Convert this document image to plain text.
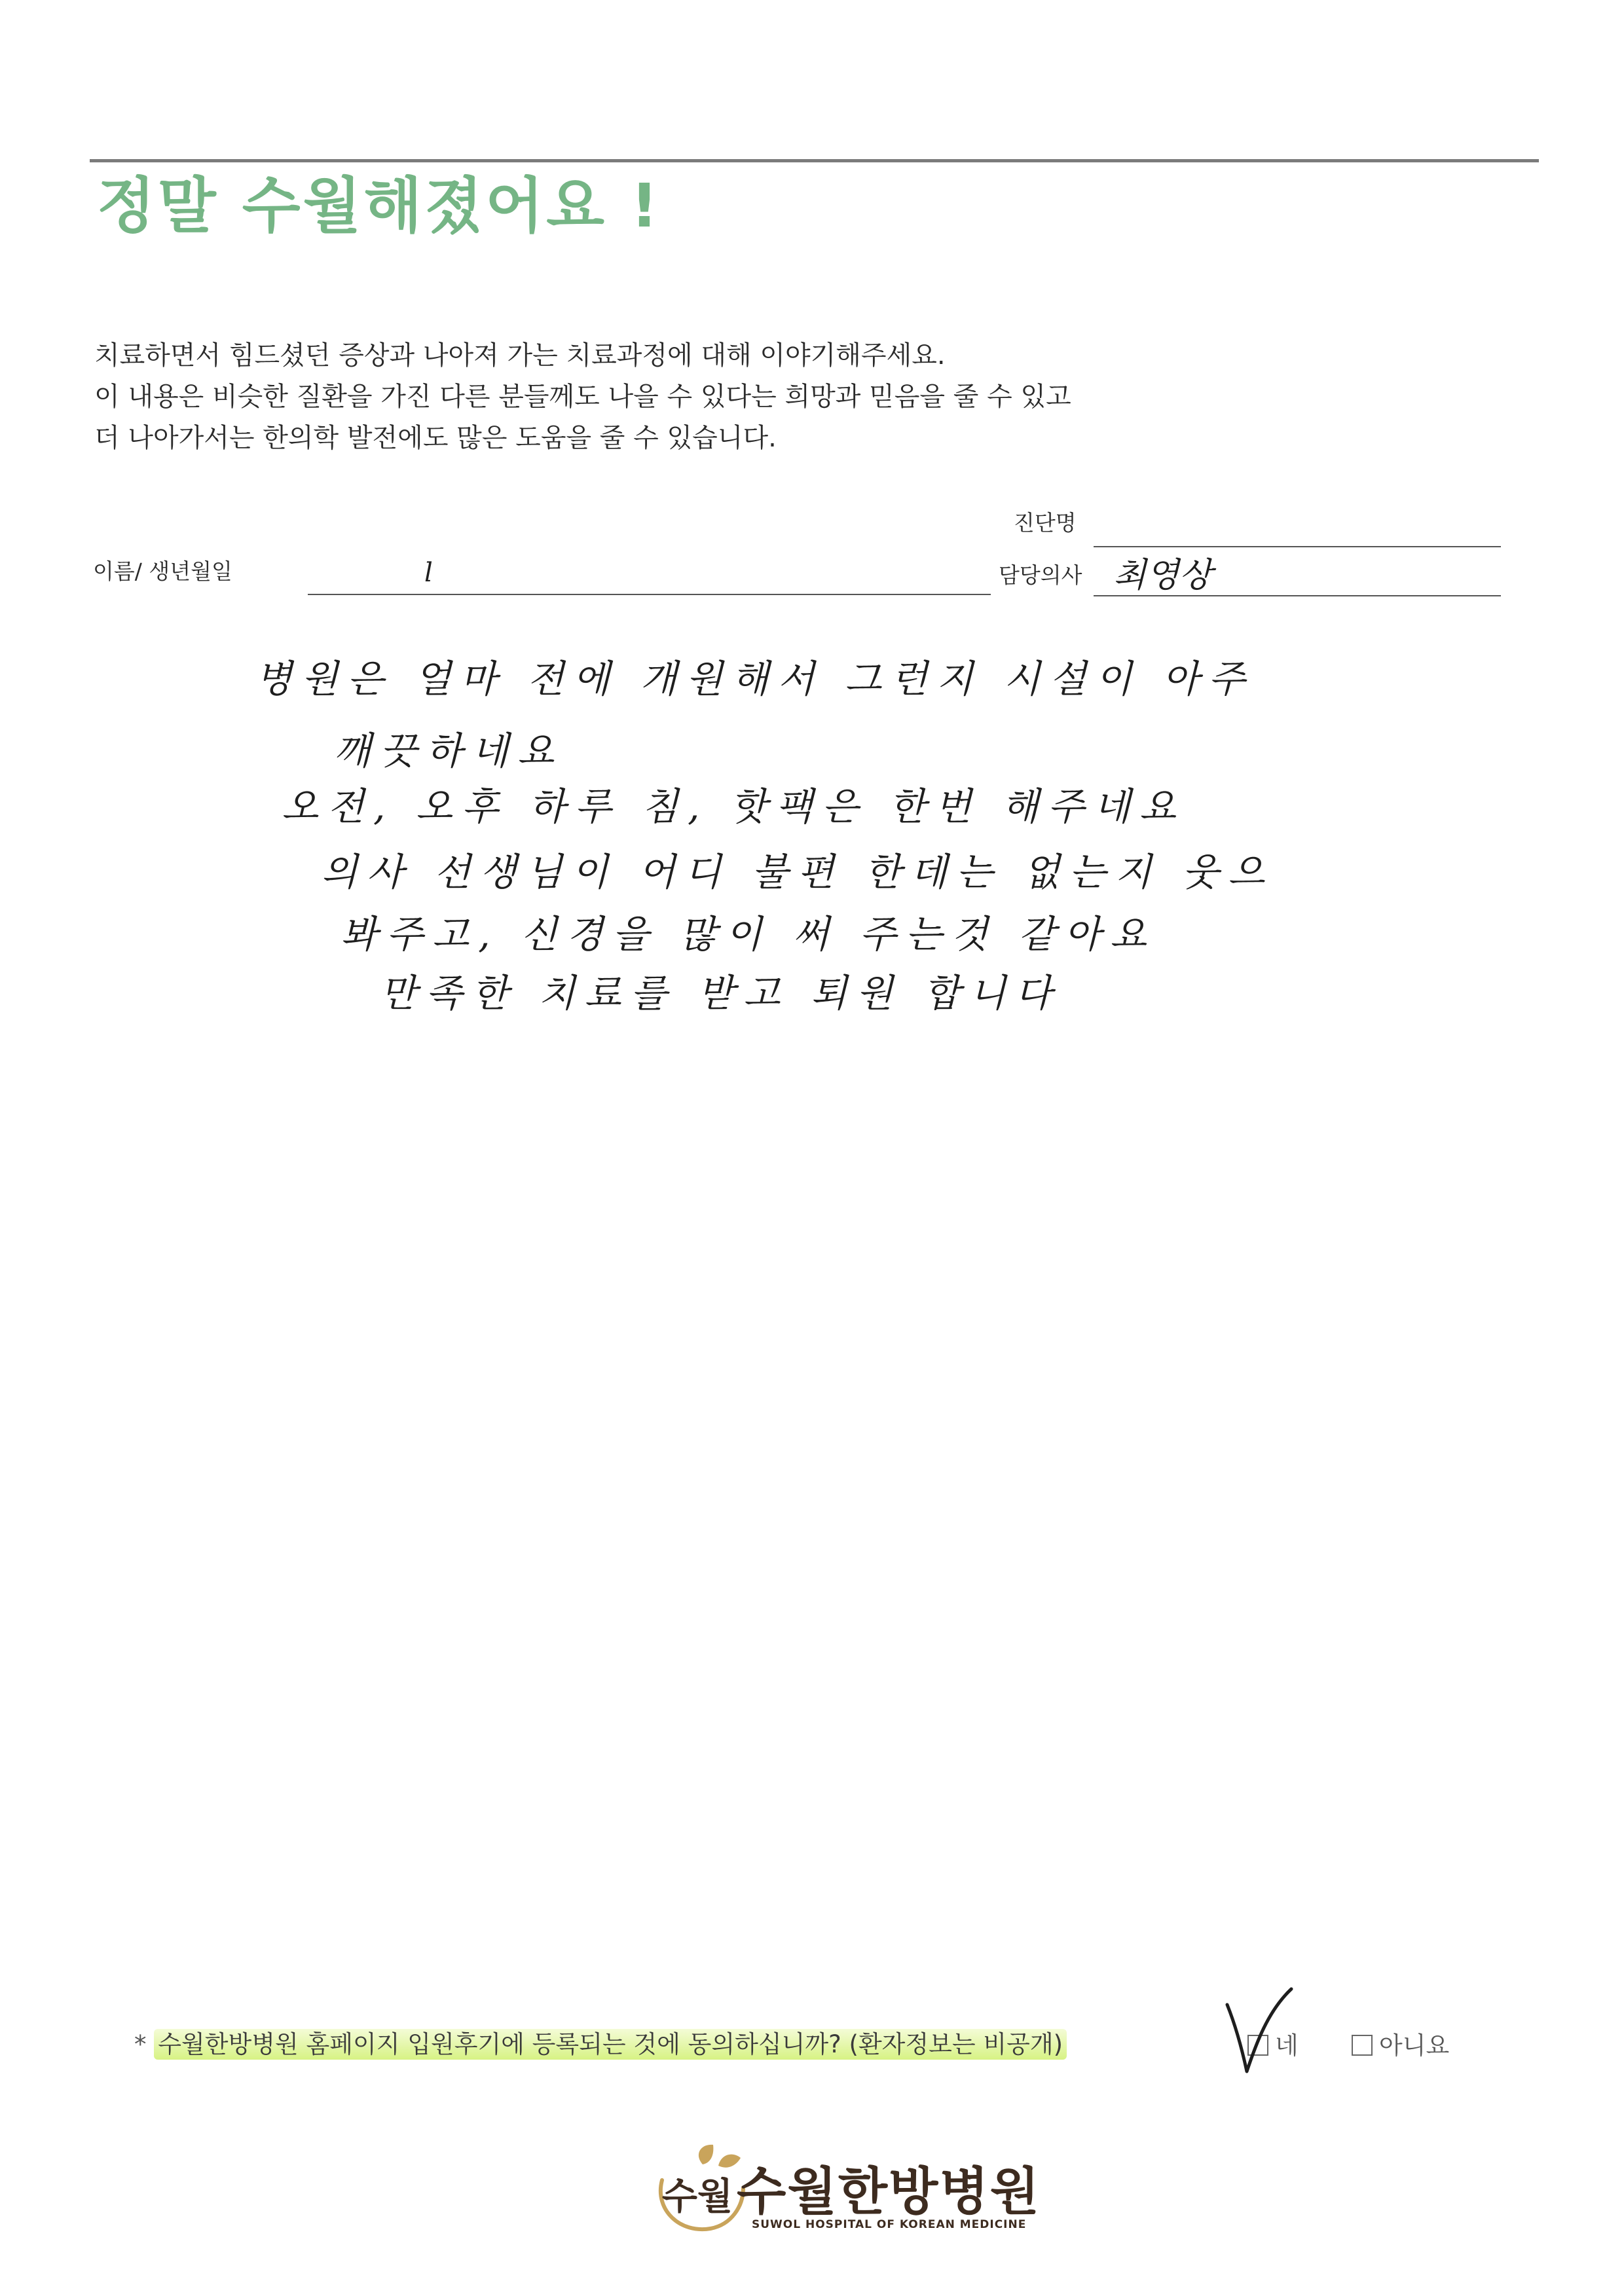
정말 수월해졌어요 !
치료하면서 힘드셨던 증상과 나아져 가는 치료과정에 대해 이야기해주세요.
이 내용은 비슷한 질환을 가진 다른 분들께도 나을 수 있다는 희망과 믿음을 줄 수 있고
더 나아가서는 한의학 발전에도 많은 도움을 줄 수 있습니다.
진단명
이름/ 생년월일	l	담당의사 최영상
병원은 얼마 전에 개원해서 그런지 시설이 아주
깨끗하네요
오전, 오후 하루 침, 핫팩은 한번 해주네요
의사 선생님이 어디 불편 한데는 없는지 웃으
봐주고, 신경을 많이 써 주는것 같아요
만족한 치료를 받고 퇴원 합니다
* 수월한방병원 홈페이지 입원후기에 등록되는 것에 동의하십니까? (환자정보는 비공개)	네	아니요
수월 수월한방병원
SUWOL HOSPITAL OF KOREAN MEDICINE
